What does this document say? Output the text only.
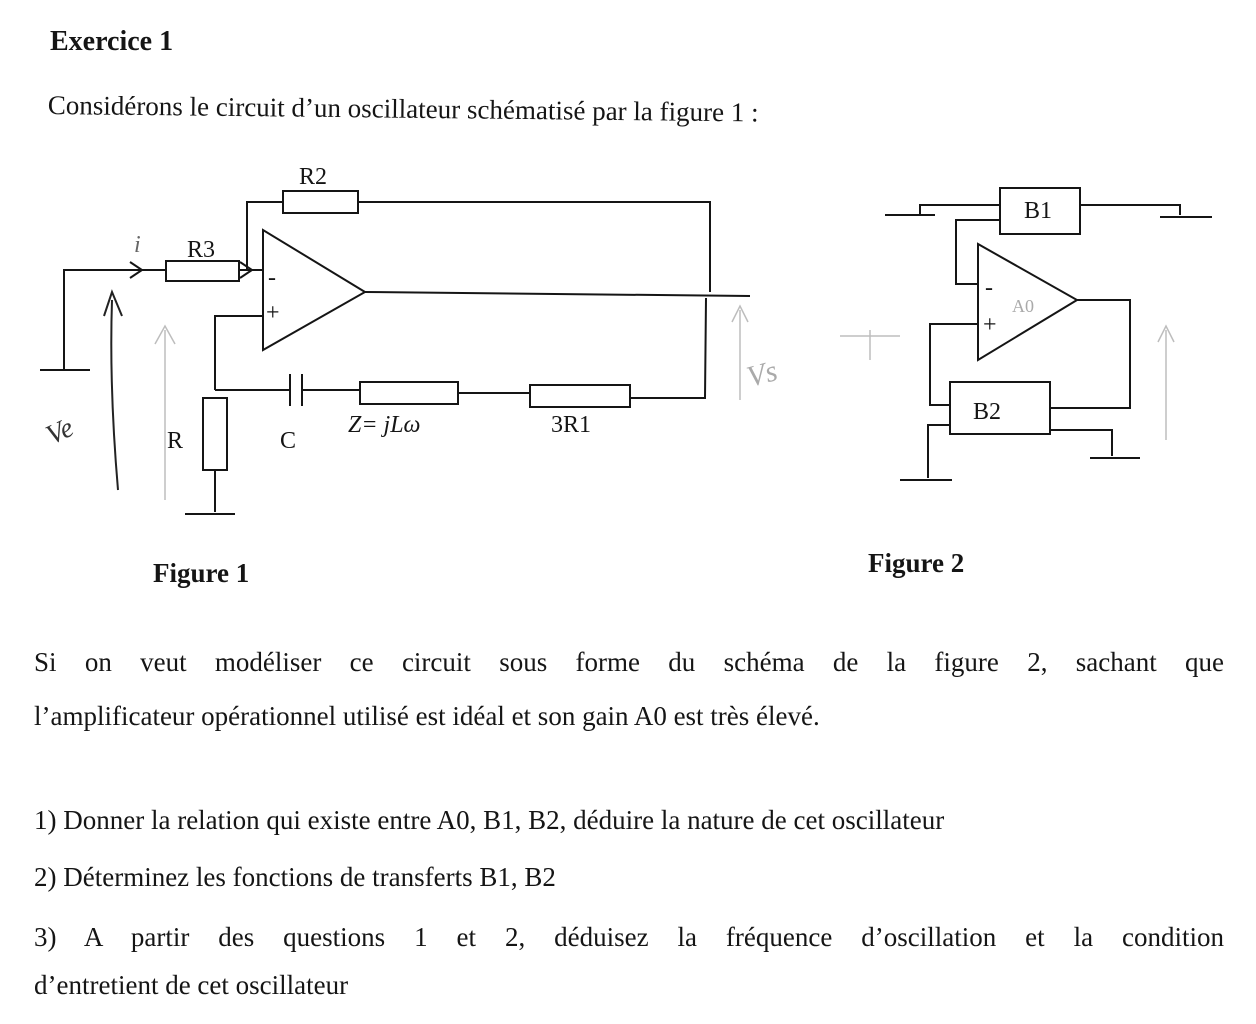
Exercice 1
Considérons le circuit d’un oscillateur schématisé par la figure 1 :
R2
R3
-
+
R	C
Z= jLω	3R1
i
Ve
Vs
B1
B2
-
+
A0
Figure 1	Figure 2
Si on veut modéliser ce circuit sous forme du schéma de la figure 2, sachant que
l’amplificateur opérationnel utilisé est idéal et son gain A0 est très élevé.
1) Donner la relation qui existe entre A0, B1, B2, déduire la nature de cet oscillateur
2) Déterminez les fonctions de transferts B1, B2
3) A partir des questions 1 et 2, déduisez la fréquence d’oscillation et la condition
d’entretient de cet oscillateur
